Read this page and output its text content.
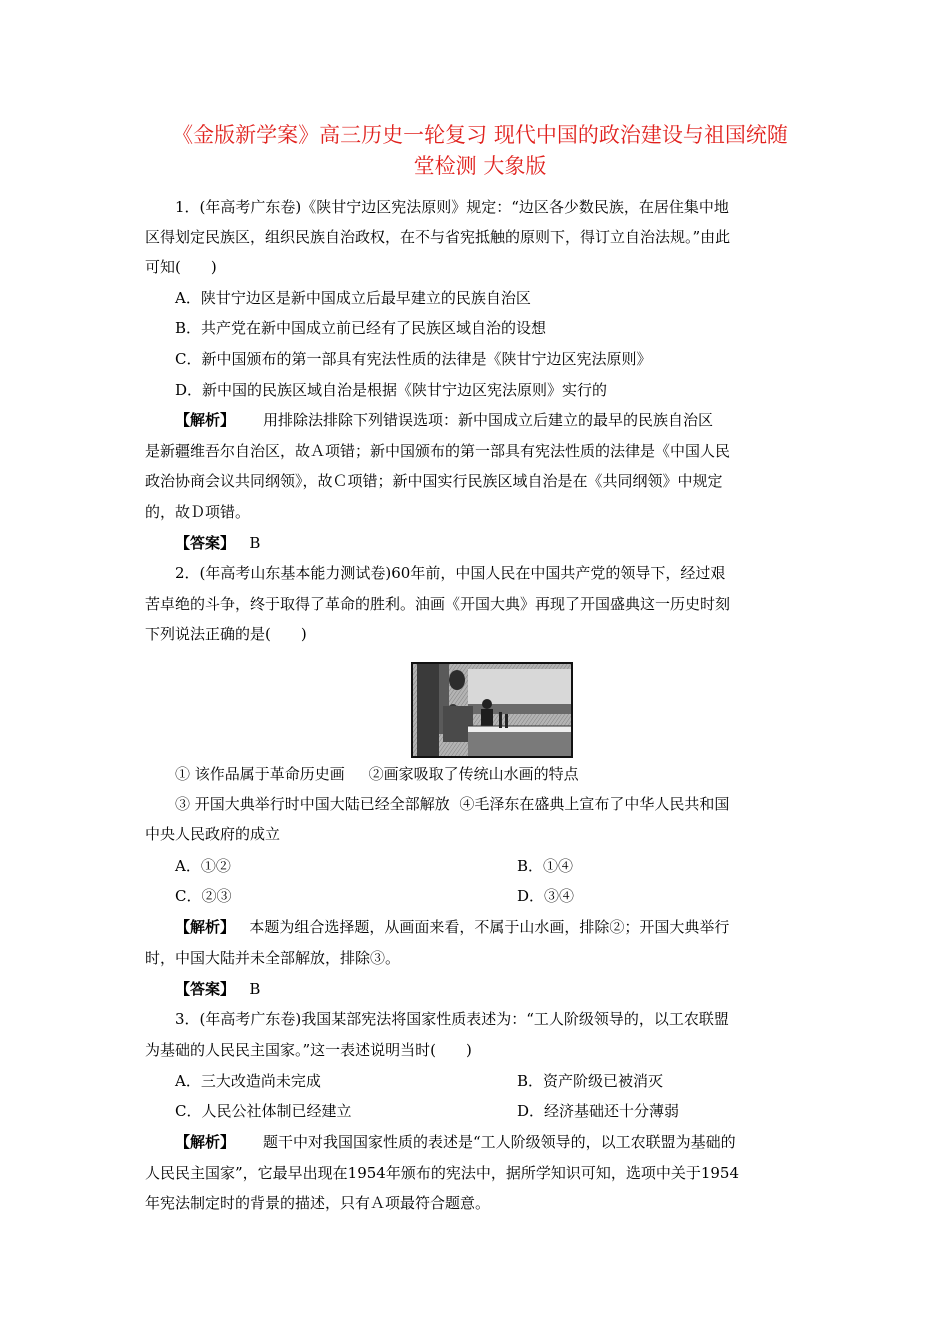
《金版新学案》高三历史一轮复习 现代中国的政治建设与祖国统随
堂检测 大象版
1．(年高考广东卷)《陕甘宁边区宪法原则》规定：“边区各少数民族，在居住集中地
区得划定民族区，组织民族自治政权，在不与省宪抵触的原则下，得订立自治法规。”由此
可知(　　)
A．陕甘宁边区是新中国成立后最早建立的民族自治区
B．共产党在新中国成立前已经有了民族区域自治的设想
C．新中国颁布的第一部具有宪法性质的法律是《陕甘宁边区宪法原则》
D．新中国的民族区域自治是根据《陕甘宁边区宪法原则》实行的
【解析】 用排除法排除下列错误选项：新中国成立后建立的最早的民族自治区
是新疆维吾尔自治区，故Ａ项错；新中国颁布的第一部具有宪法性质的法律是《中国人民
政治协商会议共同纲领》，故Ｃ项错；新中国实行民族区域自治是在《共同纲领》中规定
的，故Ｄ项错。
【答案】 B
2．(年高考山东基本能力测试卷)60年前，中国人民在中国共产党的领导下，经过艰
苦卓绝的斗争，终于取得了革命的胜利。油画《开国大典》再现了开国盛典这一历史时刻
下列说法正确的是(　　)
① 该作品属于革命历史画 ②画家吸取了传统山水画的特点
③ 开国大典举行时中国大陆已经全部解放 ④毛泽东在盛典上宣布了中华人民共和国
中央人民政府的成立
A．①②	B．①④
C．②③	D．③④
【解析】 本题为组合选择题，从画面来看，不属于山水画，排除②；开国大典举行
时，中国大陆并未全部解放，排除③。
【答案】 B
3．(年高考广东卷)我国某部宪法将国家性质表述为：“工人阶级领导的，以工农联盟
为基础的人民民主国家。”这一表述说明当时(　　)
A．三大改造尚未完成	B．资产阶级已被消灭
C．人民公社体制已经建立	D．经济基础还十分薄弱
【解析】 题干中对我国国家性质的表述是“工人阶级领导的，以工农联盟为基础的
人民民主国家”，它最早出现在1954年颁布的宪法中，据所学知识可知，选项中关于1954
年宪法制定时的背景的描述，只有Ａ项最符合题意。
